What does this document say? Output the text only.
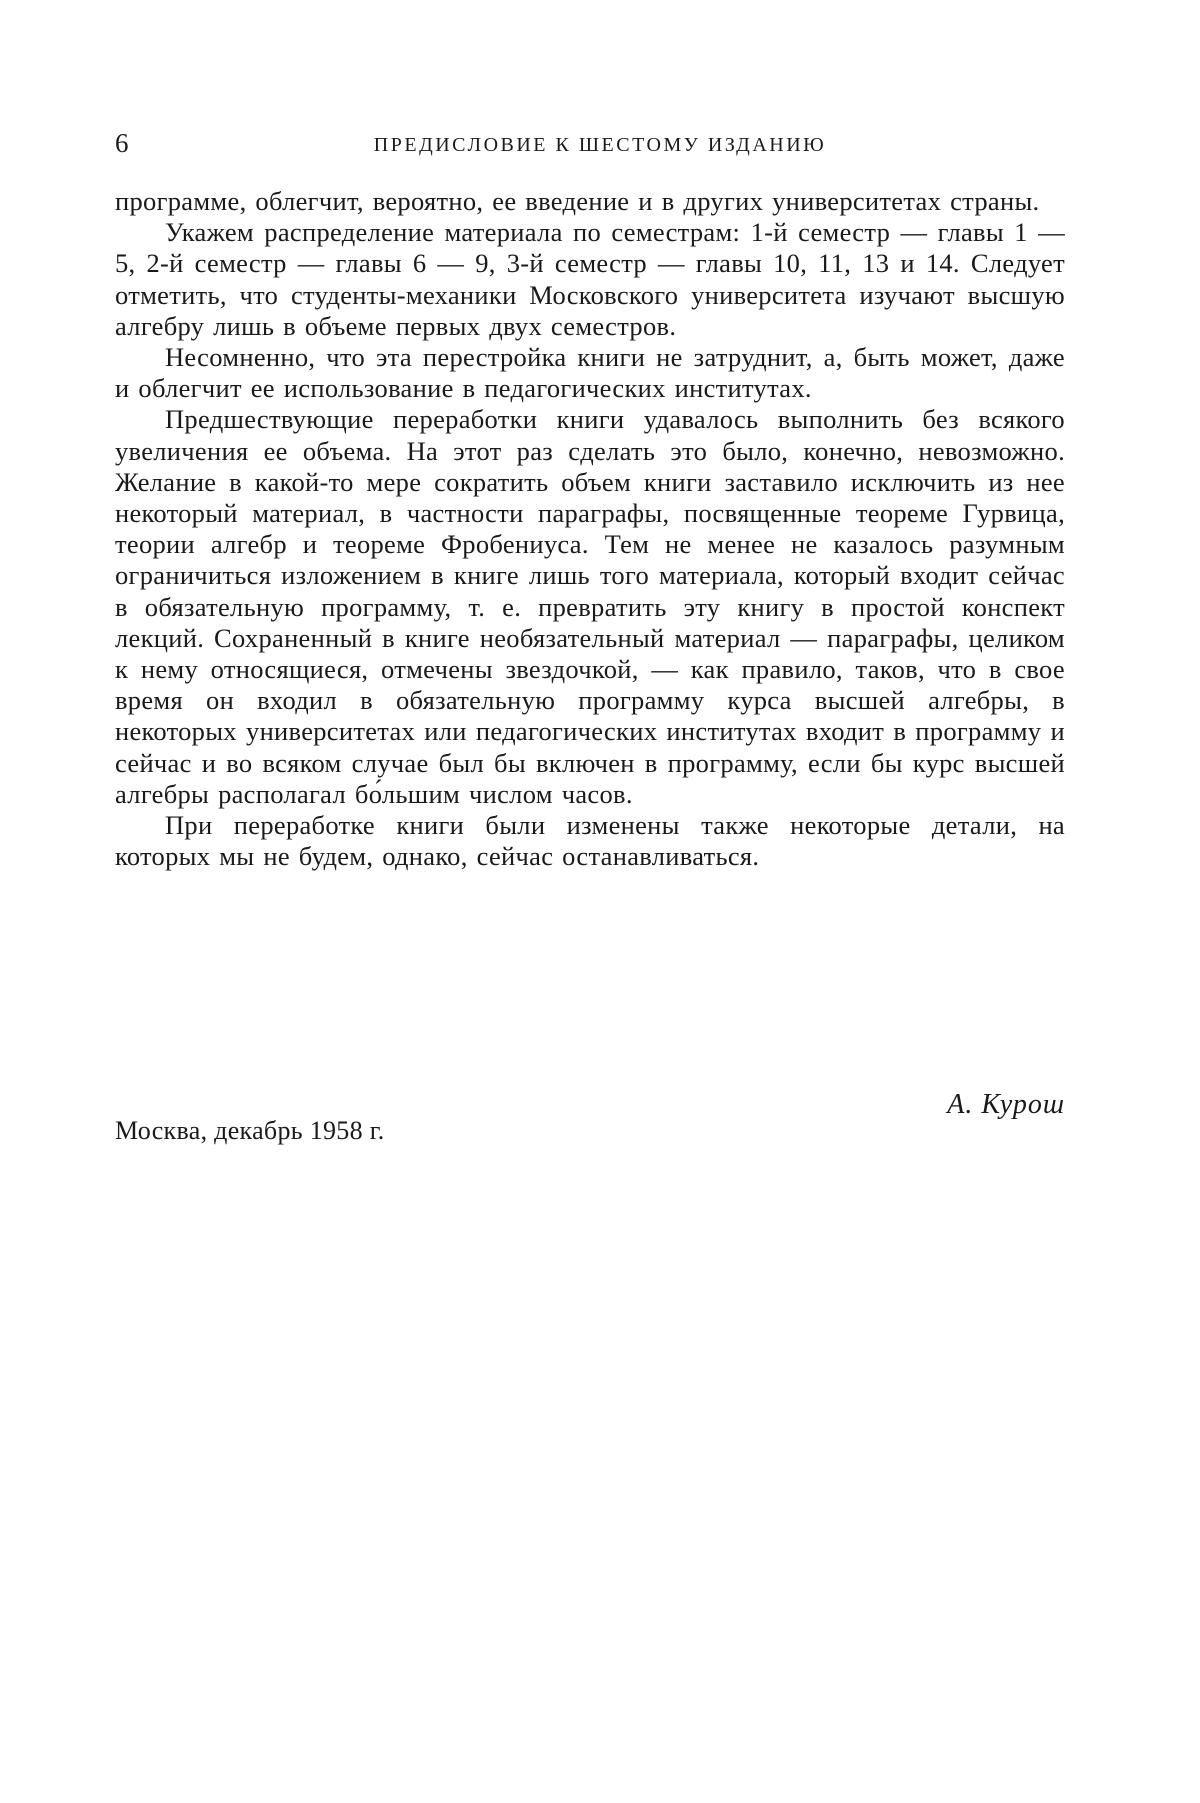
6	ПРЕДИСЛОВИЕ К ШЕСТОМУ ИЗДАНИЮ

программе, облегчит, вероятно, ее введение и в других университетах страны.

Укажем распределение материала по семестрам: 1-й семестр — главы 1 — 5, 2-й семестр — главы 6 — 9, 3-й семестр — главы 10, 11, 13 и 14. Следует отметить, что студенты-механики Московского университета изучают высшую алгебру лишь в объеме первых двух семестров.

Несомненно, что эта перестройка книги не затруднит, а, быть может, даже и облегчит ее использование в педагогических институтах.

Предшествующие переработки книги удавалось выполнить без всякого увеличения ее объема. На этот раз сделать это было, конечно, невозможно. Желание в какой-то мере сократить объем книги заставило исключить из нее некоторый материал, в частности параграфы, посвященные теореме Гурвица, теории алгебр и теореме Фробениуса. Тем не менее не казалось разумным ограничиться изложением в книге лишь того материала, который входит сейчас в обязательную программу, т. е. превратить эту книгу в простой конспект лекций. Сохраненный в книге необязательный материал — параграфы, целиком к нему относящиеся, отмечены звездочкой, — как правило, таков, что в свое время он входил в обязательную программу курса высшей алгебры, в некоторых университетах или педагогических институтах входит в программу и сейчас и во всяком случае был бы включен в программу, если бы курс высшей алгебры располагал бо́льшим числом часов.

При переработке книги были изменены также некоторые детали, на которых мы не будем, однако, сейчас останавливаться.

А. Курош
Москва, декабрь 1958 г.
